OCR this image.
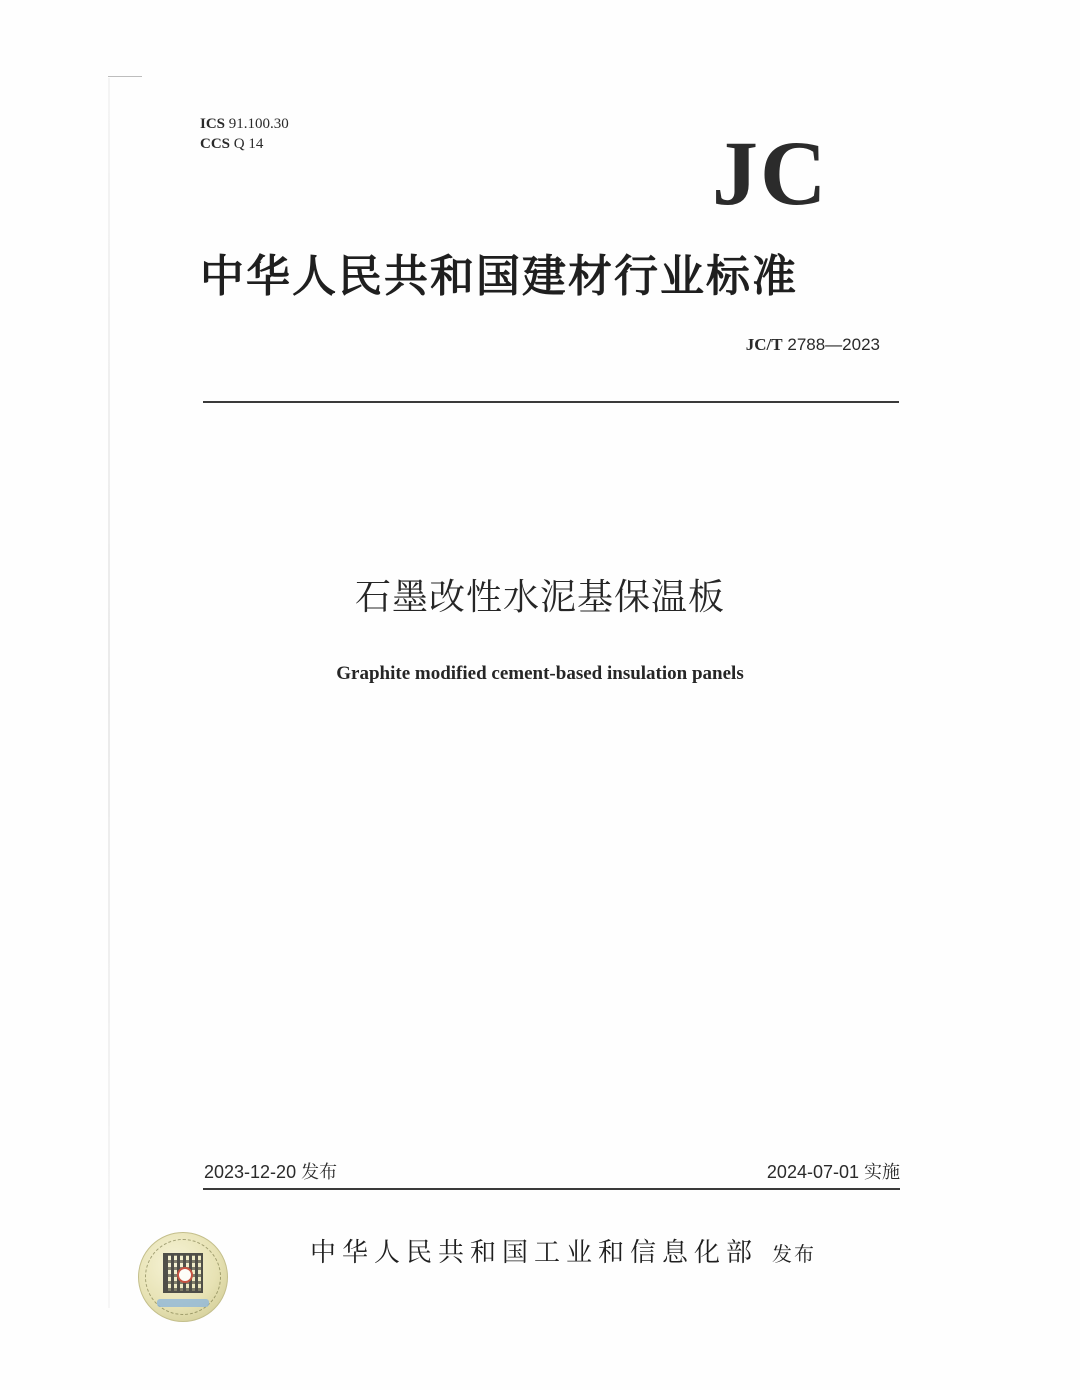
ICS 91.100.30
CCS Q 14	JC
中华人民共和国建材行业标准
JC/T 2788—2023
石墨改性水泥基保温板
Graphite modified cement-based insulation panels
2023-12-20 发布	2024-07-01 实施
中华人民共和国工业和信息化部 发布
